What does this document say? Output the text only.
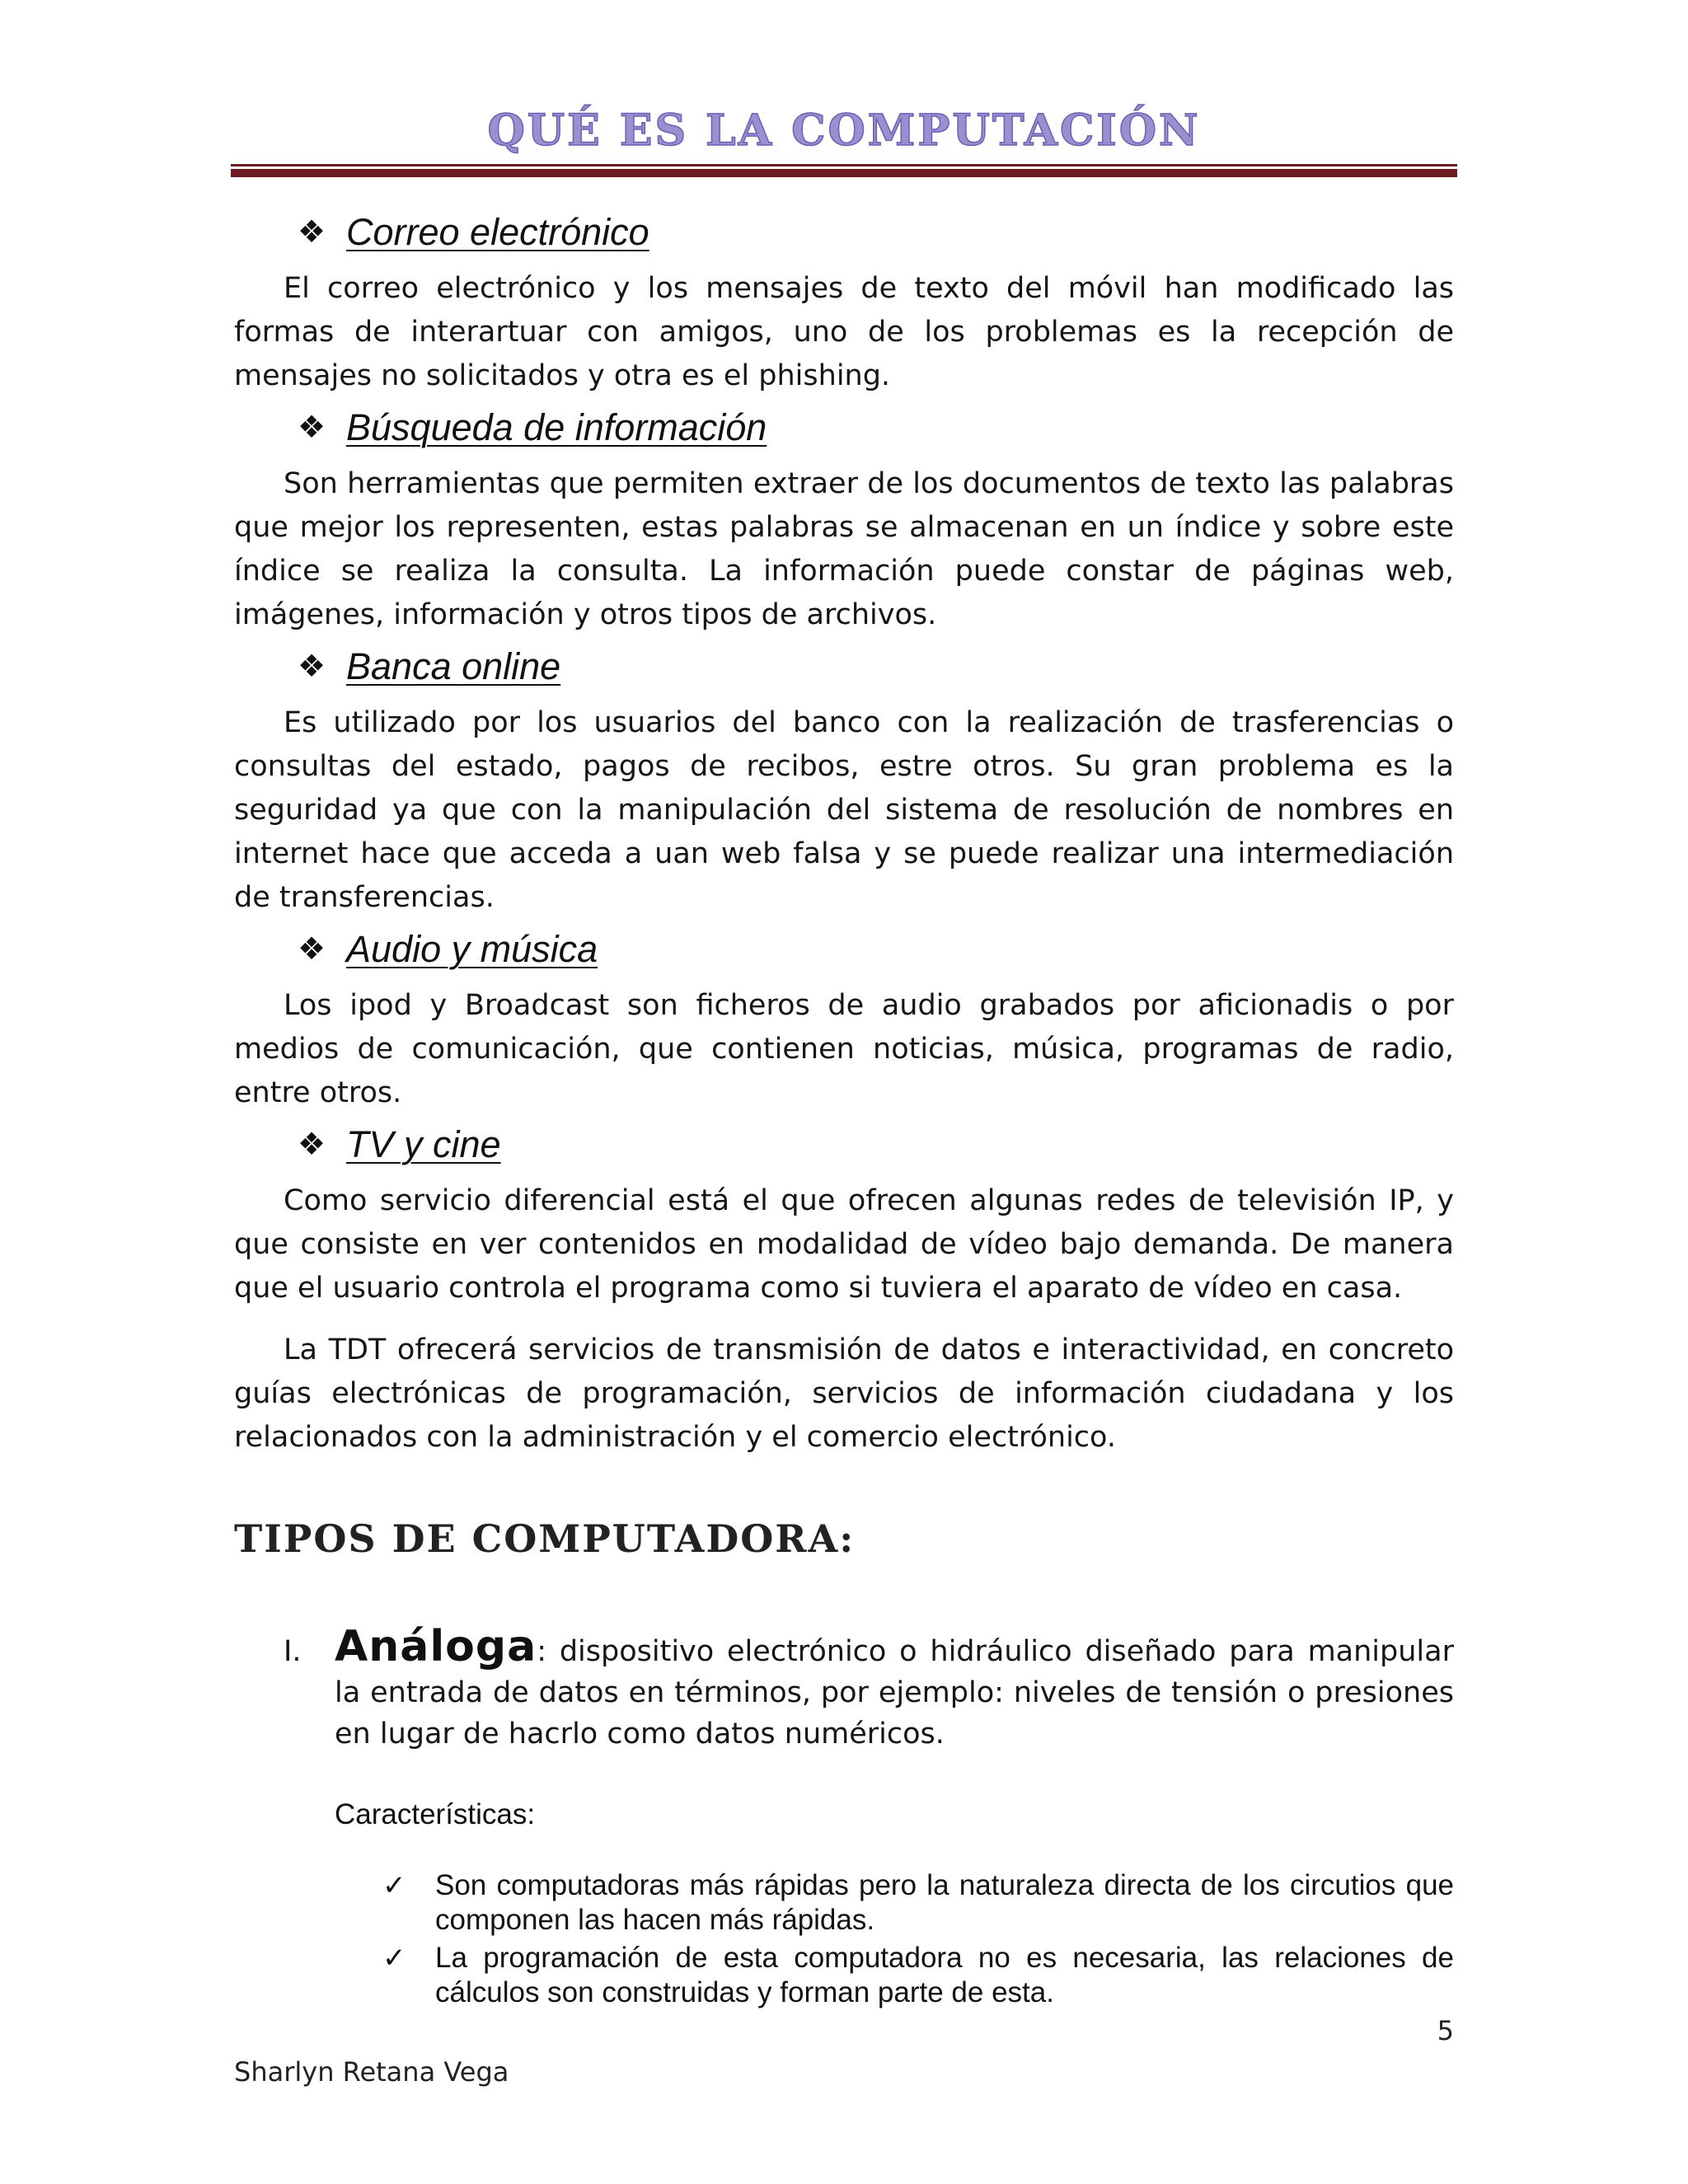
QUÉ ES LA COMPUTACIÓN
❖ Correo electrónico

El correo electrónico y los mensajes de texto del móvil han modificado las formas de interartuar con amigos, uno de los problemas es la recepción de mensajes no solicitados y otra es el phishing.

❖ Búsqueda de información

Son herramientas que permiten extraer de los documentos de texto las palabras que mejor los representen, estas palabras se almacenan en un índice y sobre este índice se realiza la consulta. La información puede constar de páginas web, imágenes, información y otros tipos de archivos.

❖ Banca online

Es utilizado por los usuarios del banco con la realización de trasferencias o consultas del estado, pagos de recibos, estre otros. Su gran problema es la seguridad ya que con la manipulación del sistema de resolución de nombres en internet hace que acceda a uan web falsa y se puede realizar una intermediación de transferencias.

❖ Audio y música

Los ipod y Broadcast son ficheros de audio grabados por aficionadis o por medios de comunicación, que contienen noticias, música, programas de radio, entre otros.

❖ TV y cine

Como servicio diferencial está el que ofrecen algunas redes de televisión IP, y que consiste en ver contenidos en modalidad de vídeo bajo demanda. De manera que el usuario controla el programa como si tuviera el aparato de vídeo en casa.

La TDT ofrecerá servicios de transmisión de datos e interactividad, en concreto guías electrónicas de programación, servicios de información ciudadana y los relacionados con la administración y el comercio electrónico.

TIPOS DE COMPUTADORA:
I. Análoga: dispositivo electrónico o hidráulico diseñado para manipular la entrada de datos en términos, por ejemplo: niveles de tensión o presiones en lugar de hacrlo como datos numéricos.
Características:
✓	Son computadoras más rápidas pero la naturaleza directa de los circutios que componen las hacen más rápidas.
✓	La programación de esta computadora no es necesaria, las relaciones de cálculos son construidas y forman parte de esta.
5
Sharlyn Retana Vega
